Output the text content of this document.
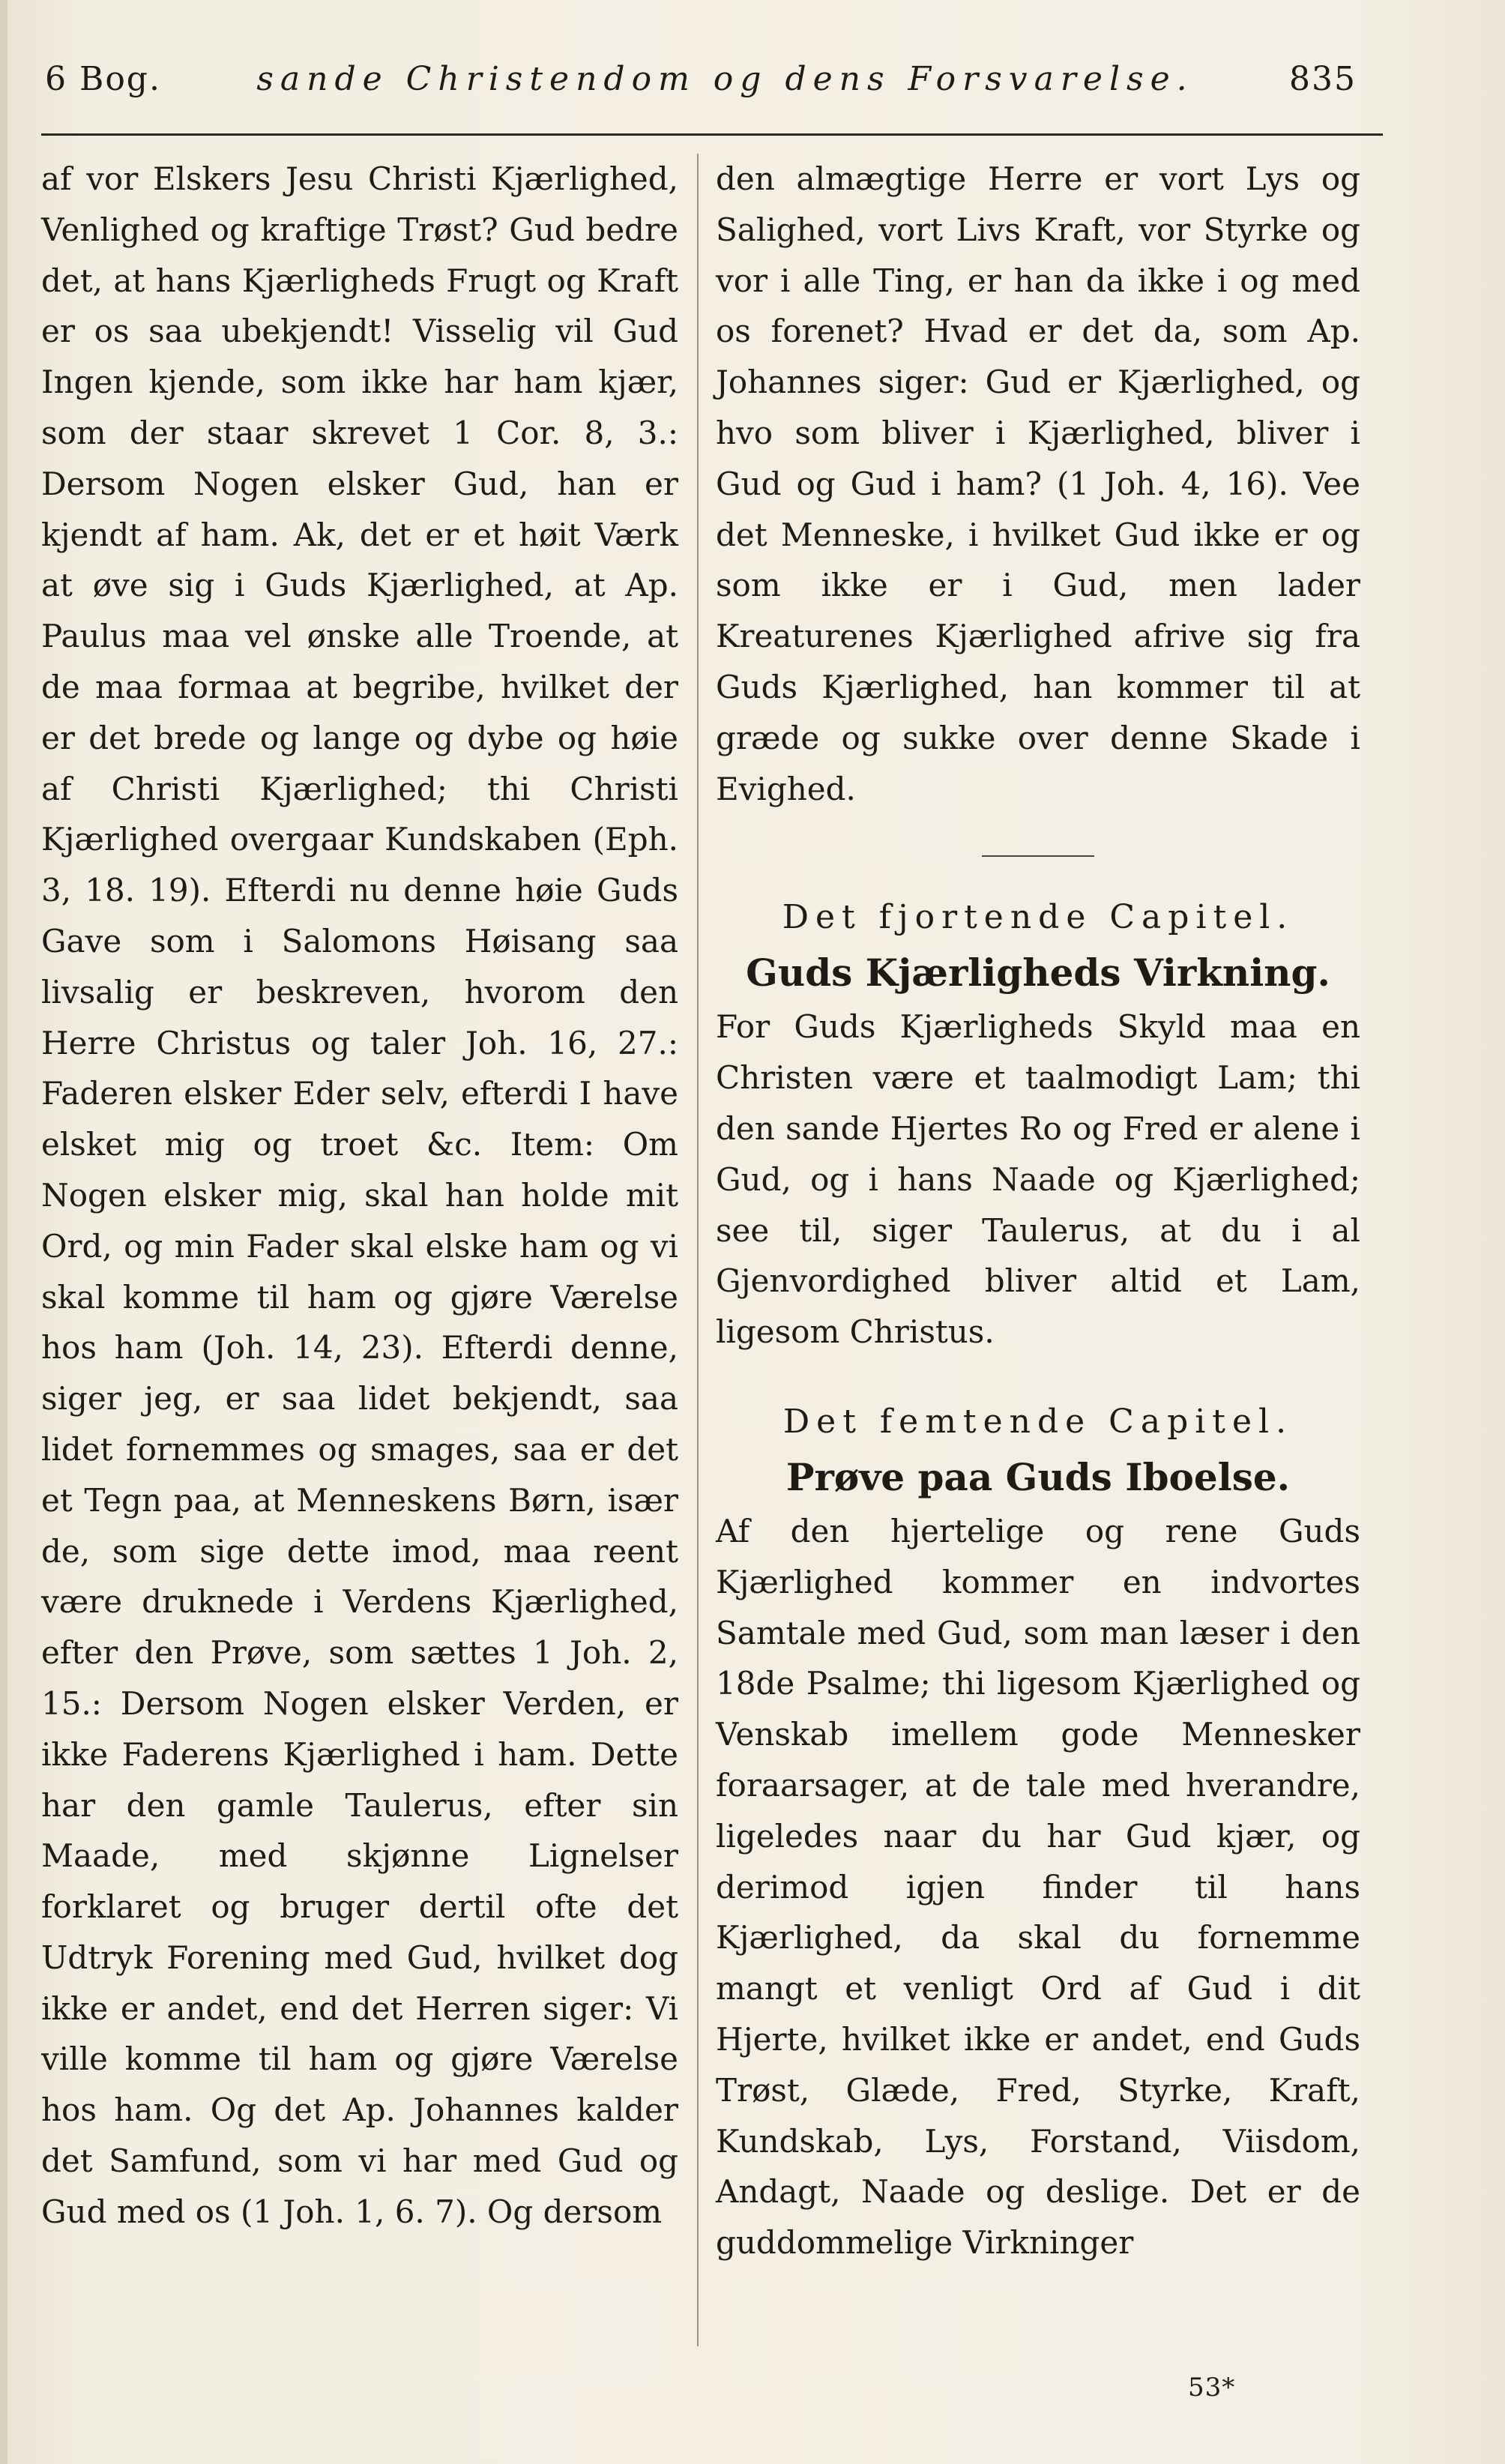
6 Bog.	sande Christendom og dens Forsvarelse.	835

af vor Elskers Jesu Christi Kjærlighed, Venlighed og kraftige Trøst? Gud bedre det, at hans Kjærligheds Frugt og Kraft er os saa ubekjendt! Visselig vil Gud Ingen kjende, som ikke har ham kjær, som der staar skrevet 1 Cor. 8, 3.: Dersom Nogen elsker Gud, han er kjendt af ham. Ak, det er et høit Værk at øve sig i Guds Kjærlighed, at Ap. Paulus maa vel ønske alle Troende, at de maa formaa at begribe, hvilket der er det brede og lange og dybe og høie af Christi Kjærlighed; thi Christi Kjærlighed overgaar Kundskaben (Eph. 3, 18. 19). Efterdi nu denne høie Guds Gave som i Salomons Høisang saa livsalig er beskreven, hvorom den Herre Christus og taler Joh. 16, 27.: Faderen elsker Eder selv, efterdi I have elsket mig og troet &c. Item: Om Nogen elsker mig, skal han holde mit Ord, og min Fader skal elske ham og vi skal komme til ham og gjøre Værelse hos ham (Joh. 14, 23). Efterdi denne, siger jeg, er saa lidet bekjendt, saa lidet fornemmes og smages, saa er det et Tegn paa, at Menneskens Børn, især de, som sige dette imod, maa reent være druknede i Verdens Kjærlighed, efter den Prøve, som sættes 1 Joh. 2, 15.: Dersom Nogen elsker Verden, er ikke Faderens Kjærlighed i ham. Dette har den gamle Taulerus, efter sin Maade, med skjønne Lignelser forklaret og bruger dertil ofte det Udtryk Forening med Gud, hvilket dog ikke er andet, end det Herren siger: Vi ville komme til ham og gjøre Værelse hos ham. Og det Ap. Johannes kalder det Samfund, som vi har med Gud og Gud med os (1 Joh. 1, 6. 7). Og dersom

den almægtige Herre er vort Lys og Salighed, vort Livs Kraft, vor Styrke og vor i alle Ting, er han da ikke i og med os forenet? Hvad er det da, som Ap. Johannes siger: Gud er Kjærlighed, og hvo som bliver i Kjærlighed, bliver i Gud og Gud i ham? (1 Joh. 4, 16). Vee det Menneske, i hvilket Gud ikke er og som ikke er i Gud, men lader Kreaturenes Kjærlighed afrive sig fra Guds Kjærlighed, han kommer til at græde og sukke over denne Skade i Evighed.

Det fjortende Capitel.

Guds Kjærligheds Virkning.

For Guds Kjærligheds Skyld maa en Christen være et taalmodigt Lam; thi den sande Hjertes Ro og Fred er alene i Gud, og i hans Naade og Kjærlighed; see til, siger Taulerus, at du i al Gjenvordighed bliver altid et Lam, ligesom Christus.

Det femtende Capitel.

Prøve paa Guds Iboelse.

Af den hjertelige og rene Guds Kjærlighed kommer en indvortes Samtale med Gud, som man læser i den 18de Psalme; thi ligesom Kjærlighed og Venskab imellem gode Mennesker foraarsager, at de tale med hverandre, ligeledes naar du har Gud kjær, og derimod igjen finder til hans Kjærlighed, da skal du fornemme mangt et venligt Ord af Gud i dit Hjerte, hvilket ikke er andet, end Guds Trøst, Glæde, Fred, Styrke, Kraft, Kundskab, Lys, Forstand, Viisdom, Andagt, Naade og deslige. Det er de guddommelige Virkninger

53*
